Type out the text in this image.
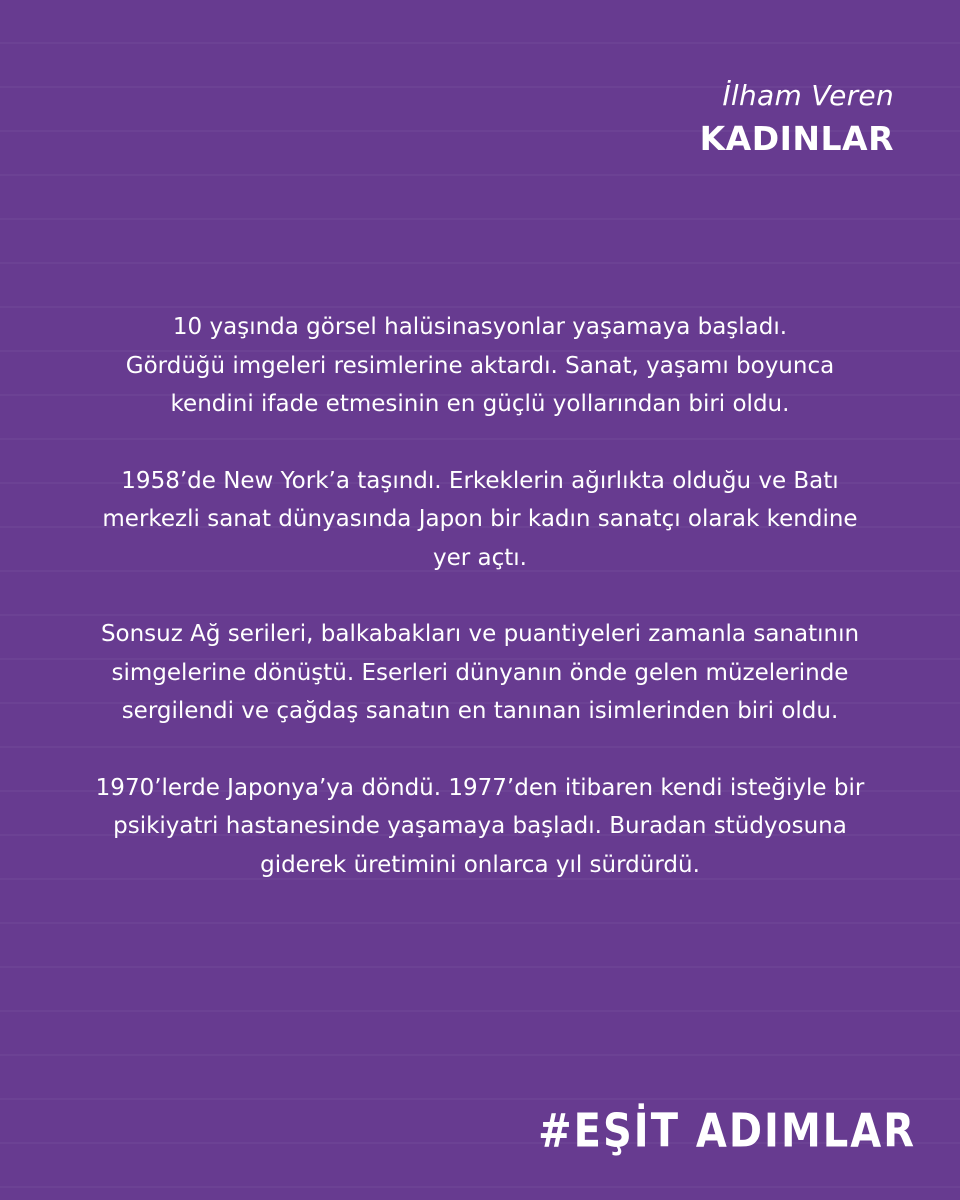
İlham Veren
KADINLAR

10 yaşında görsel halüsinasyonlar yaşamaya başladı.
Gördüğü imgeleri resimlerine aktardı. Sanat, yaşamı boyunca
kendini ifade etmesinin en güçlü yollarından biri oldu.

1958’de New York’a taşındı. Erkeklerin ağırlıkta olduğu ve Batı
merkezli sanat dünyasında Japon bir kadın sanatçı olarak kendine
yer açtı.

Sonsuz Ağ serileri, balkabakları ve puantiyeleri zamanla sanatının
simgelerine dönüştü. Eserleri dünyanın önde gelen müzelerinde
sergilendi ve çağdaş sanatın en tanınan isimlerinden biri oldu.

1970’lerde Japonya’ya döndü. 1977’den itibaren kendi isteğiyle bir
psikiyatri hastanesinde yaşamaya başladı. Buradan stüdyosuna
giderek üretimini onlarca yıl sürdürdü.

#EŞİT ADIMLAR
